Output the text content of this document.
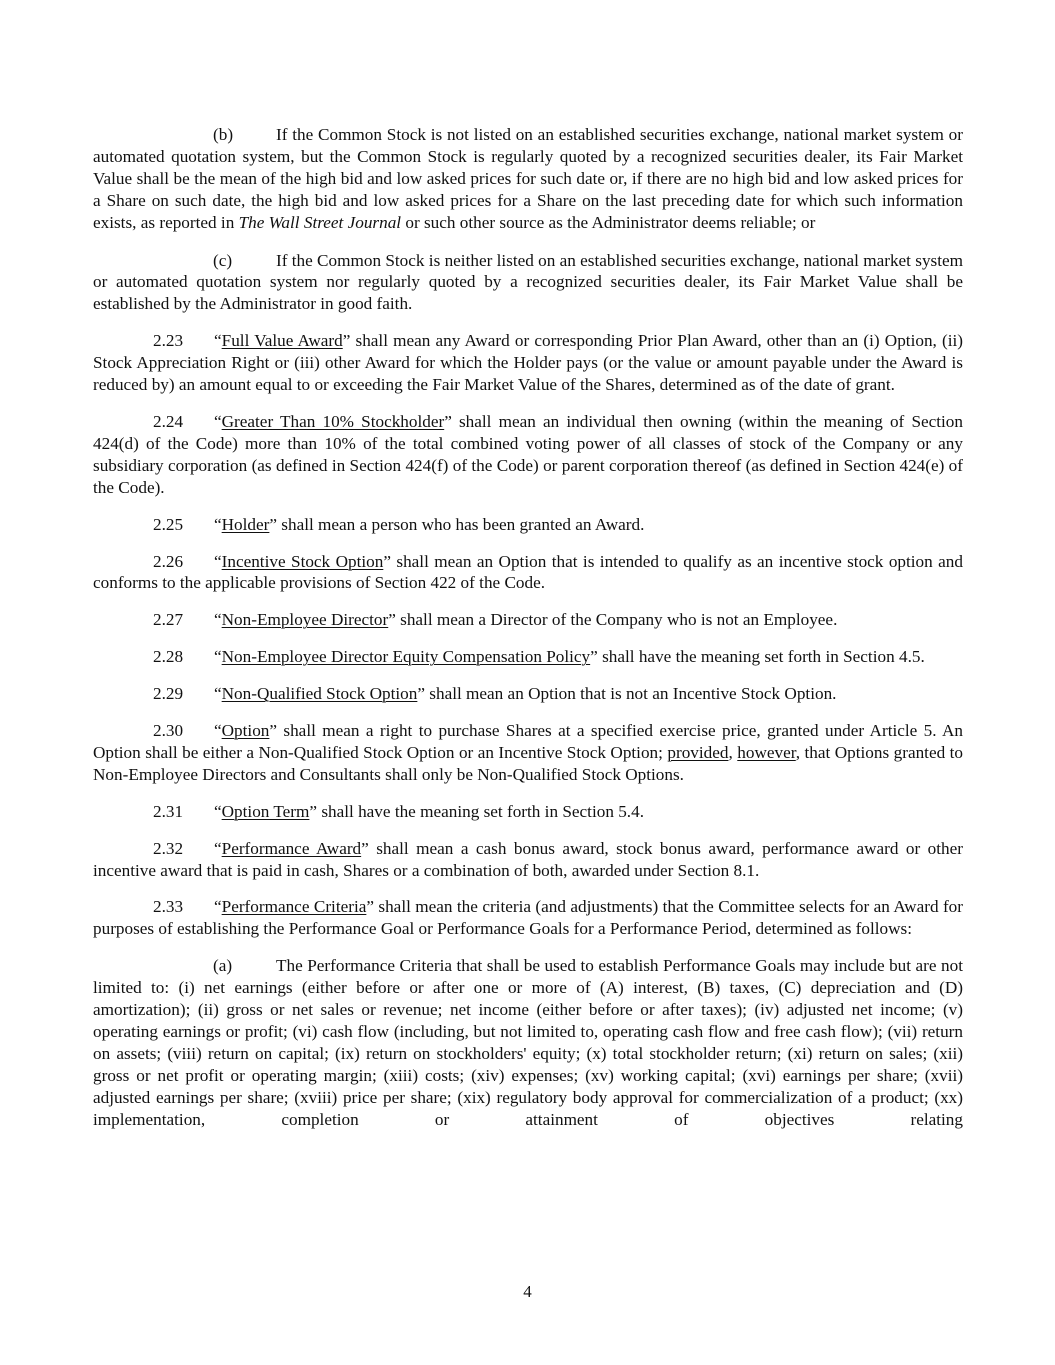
(b) If the Common Stock is not listed on an established securities exchange, national market system or automated quotation system, but the Common Stock is regularly quoted by a recognized securities dealer, its Fair Market Value shall be the mean of the high bid and low asked prices for such date or, if there are no high bid and low asked prices for a Share on such date, the high bid and low asked prices for a Share on the last preceding date for which such information exists, as reported in The Wall Street Journal or such other source as the Administrator deems reliable; or

(c)	If the Common Stock is neither listed on an established securities exchange, national market system or automated quotation system nor regularly quoted by a recognized securities dealer, its Fair Market Value shall be established by the Administrator in good faith.

2.23 “Full Value Award” shall mean any Award or corresponding Prior Plan Award, other than an (i) Option, (ii) Stock Appreciation Right or (iii) other Award for which the Holder pays (or the value or amount payable under the Award is reduced by) an amount equal to or exceeding the Fair Market Value of the Shares, determined as of the date of grant.

2.24 “Greater Than 10% Stockholder” shall mean an individual then owning (within the meaning of Section 424(d) of the Code) more than 10% of the total combined voting power of all classes of stock of the Company or any subsidiary corporation (as defined in Section 424(f) of the Code) or parent corporation thereof (as defined in Section 424(e) of the Code).

2.25 “Holder” shall mean a person who has been granted an Award.

2.26 “Incentive Stock Option” shall mean an Option that is intended to qualify as an incentive stock option and conforms to the applicable provisions of Section 422 of the Code.

2.27 “Non-Employee Director” shall mean a Director of the Company who is not an Employee.

2.28 “Non-Employee Director Equity Compensation Policy” shall have the meaning set forth in Section 4.5.

2.29 “Non-Qualified Stock Option” shall mean an Option that is not an Incentive Stock Option.

2.30 “Option” shall mean a right to purchase Shares at a specified exercise price, granted under Article 5. An Option shall be either a Non-Qualified Stock Option or an Incentive Stock Option; provided, however, that Options granted to Non-Employee Directors and Consultants shall only be Non-Qualified Stock Options.

2.31 “Option Term” shall have the meaning set forth in Section 5.4.

2.32 “Performance Award” shall mean a cash bonus award, stock bonus award, performance award or other incentive award that is paid in cash, Shares or a combination of both, awarded under Section 8.1.

2.33 “Performance Criteria” shall mean the criteria (and adjustments) that the Committee selects for an Award for purposes of establishing the Performance Goal or Performance Goals for a Performance Period, determined as follows:

(a)	The Performance Criteria that shall be used to establish Performance Goals may include but are not limited to: (i) net earnings (either before or after one or more of (A) interest, (B) taxes, (C) depreciation and (D) amortization); (ii) gross or net sales or revenue; net income (either before or after taxes); (iv) adjusted net income; (v) operating earnings or profit; (vi) cash flow (including, but not limited to, operating cash flow and free cash flow); (vii) return on assets; (viii) return on capital; (ix) return on stockholders' equity; (x) total stockholder return; (xi) return on sales; (xii) gross or net profit or operating margin; (xiii) costs; (xiv) expenses; (xv) working capital; (xvi) earnings per share; (xvii) adjusted earnings per share; (xviii) price per share; (xix) regulatory body approval for commercialization of a product; (xx) implementation, completion or attainment of objectives relating

4
